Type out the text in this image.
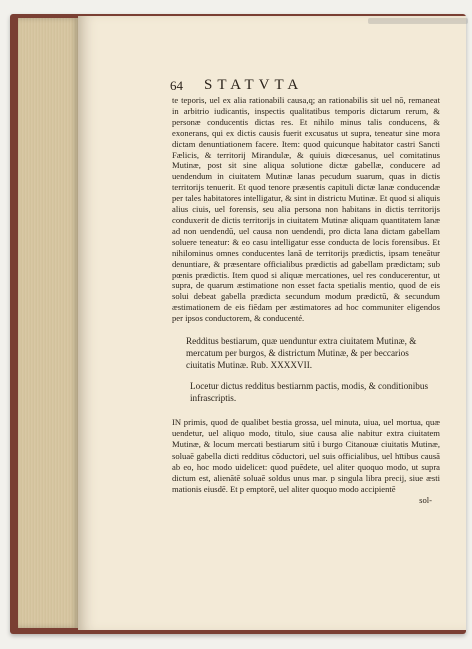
64 STATVTA

te teporis, uel ex alia rationabili causa,q; an rationabilis sit uel nō, remaneat in arbitrio iudicantis, inspectis qualitatibus temporis dictarum rerum, & personæ conducentis dictas res. Et nihilo minus talis conducens, & exonerans, qui ex dictis causis fuerit excusatus ut supra, teneatur sine mora dictam denuntiationem facere. Item: quod quicunque habitator castri Sancti Fælicis, & territorij Mirandulæ, & quiuis diœcesanus, uel comitatinus Mutinæ, post sit sine aliqua solutione dictæ gabellæ, conducere ad uendendum in ciuitatem Mutinæ lanas pecudum suarum, quas in dictis territorijs tenuerit. Et quod tenore præsentis capituli dictæ lanæ conducendæ per tales habitatores intelligatur, & sint in districtu Mutinæ. Et quod si aliquis alius ciuis, uel forensis, seu alia persona non habitans in dictis territorijs conduxerit de dictis territorijs in ciuitatem Mutinæ aliquam quantitatem lanæ ad non uendendū, uel causa non uendendi, pro dicta lana dictam gabellam soluere teneatur: & eo casu intelligatur esse conducta de locis forensibus. Et nihilominus omnes conducentes lanā de territorijs prædictis, ipsam teneātur denuntiare, & præsentare officialibus prædictis ad gabellam prædictam; sub pœnis prædictis. Item quod si aliquæ mercationes, uel res conducerentur, ut supra, de quarum æstimatione non esset facta spetialis mentio, quod de eis solui debeat gabella prædicta secundum modum prædictū, & secundum æstimationem de eis fiēdam per æstimatores ad hoc communiter eligendos per ipsos conductorem, & conducenté.

Redditus bestiarum, quæ uenduntur extra ciuitatem Mutinæ, & mercatum per burgos, & districtum Mutinæ, & per beccarios ciuitatis Mutinæ. Rub. XXXXVII.

Locetur dictus redditus bestiarnm pactis, modis, & conditionibus infrascriptis.

IN primis, quod de qualibet bestia grossa, uel minuta, uiua, uel mortua, quæ uendetur, uel aliquo modo, titulo, siue causa alie nabitur extra ciuitatem Mutinæ, & locum mercati bestiarum sitū i burgo Citanouæ ciuitatis Mutinæ, soluaē gabella dicti redditus cōductori, uel suis officialibus, uel hītibus causā ab eo, hoc modo uidelicet: quod puēdete, uel aliter quoquo modo, ut supra dictum est, alienātē soluaē soldus unus mar. p singula libra precij, siue æsti mationis eiusdē. Et p emptorē, uel aliter quoquo modo accipientē

sol-
